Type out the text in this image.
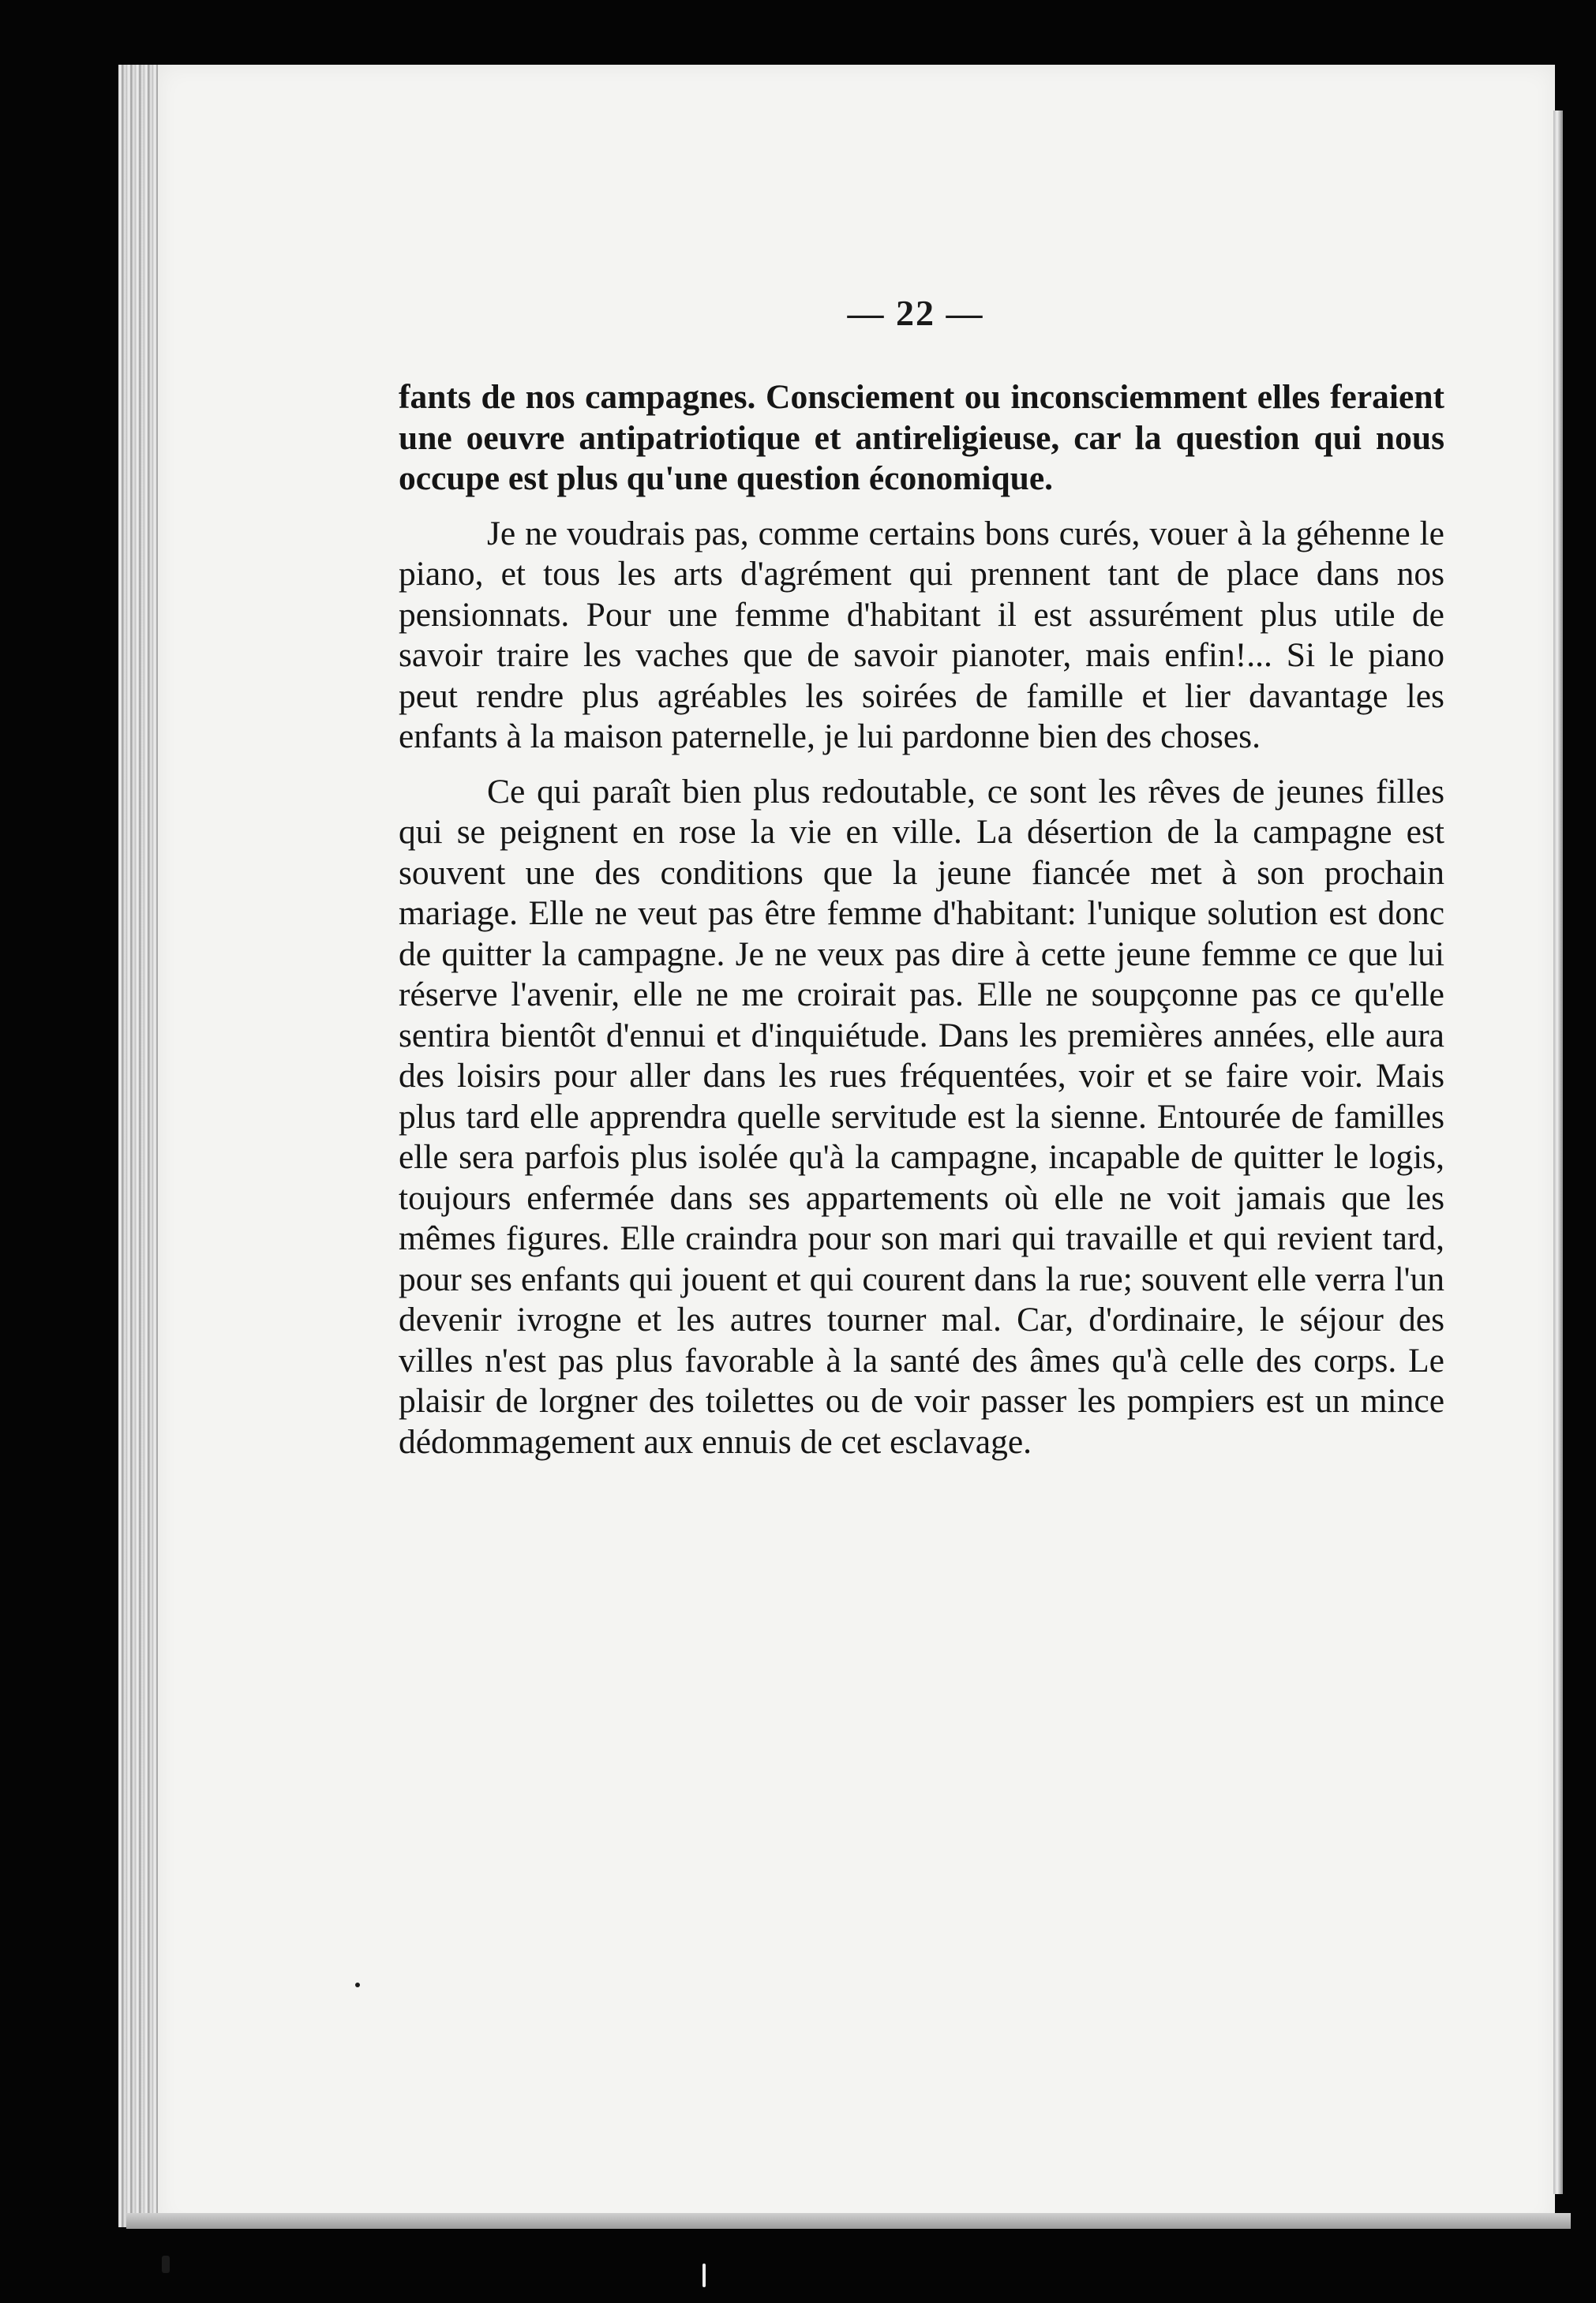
— 22 —

fants de nos campagnes. Consciement ou inconsciemment elles feraient une oeuvre antipatriotique et antireligieuse, car la question qui nous occupe est plus qu'une question économique.

Je ne voudrais pas, comme certains bons curés, vouer à la géhenne le piano, et tous les arts d'agrément qui prennent tant de place dans nos pensionnats. Pour une femme d'habitant il est assurément plus utile de savoir traire les vaches que de savoir pianoter, mais enfin!... Si le piano peut rendre plus agréables les soirées de famille et lier davantage les enfants à la maison paternelle, je lui pardonne bien des choses.

Ce qui paraît bien plus redoutable, ce sont les rêves de jeunes filles qui se peignent en rose la vie en ville. La désertion de la campagne est souvent une des conditions que la jeune fiancée met à son prochain mariage. Elle ne veut pas être femme d'habitant: l'unique solution est donc de quitter la campagne. Je ne veux pas dire à cette jeune femme ce que lui réserve l'avenir, elle ne me croirait pas. Elle ne soupçonne pas ce qu'elle sentira bientôt d'ennui et d'inquiétude. Dans les premières années, elle aura des loisirs pour aller dans les rues fréquentées, voir et se faire voir. Mais plus tard elle apprendra quelle servitude est la sienne. Entourée de familles elle sera parfois plus isolée qu'à la campagne, incapable de quitter le logis, toujours enfermée dans ses appartements où elle ne voit jamais que les mêmes figures. Elle craindra pour son mari qui travaille et qui revient tard, pour ses enfants qui jouent et qui courent dans la rue; souvent elle verra l'un devenir ivrogne et les autres tourner mal. Car, d'ordinaire, le séjour des villes n'est pas plus favorable à la santé des âmes qu'à celle des corps. Le plaisir de lorgner des toilettes ou de voir passer les pompiers est un mince dédommagement aux ennuis de cet esclavage.
